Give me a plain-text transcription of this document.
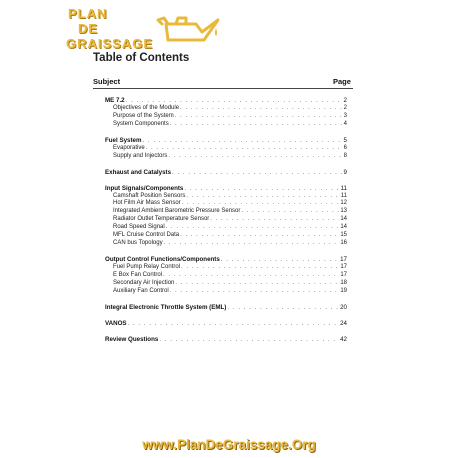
PLAN
DE
GRAISSAGE
Table of Contents
Subject	Page
ME 7.2 . . .	2
Objectives of the Module . . .	2
Purpose of the System . . .	3
System Components . . .	4
Fuel System . . .	5
Evaporative . . .	6
Supply and Injectors . . .	8
Exhaust and Catalysts . . .	9
Input Signals/Components . . .	11
Camshaft Position Sensors . . .	11
Hot Film Air Mass Sensor . . .	12
Integrated Ambient Barometric Pressure Sensor . . .	13
Radiator Outlet Temperature Sensor . . .	14
Road Speed Signal . . .	14
MFL Cruise Control Data . . .	15
CAN bus Topology . . .	16
Output Control Functions/Components . . .	17
Fuel Pump Relay Control . . .	17
E Box Fan Control . . .	17
Secondary Air Injection . . .	18
Auxiliary Fan Control . . .	19
Integral Electronic Throttle System (EML) . . .	20
VANOS . . .	24
Review Questions . . .	42
www.PlanDeGraissage.Org
